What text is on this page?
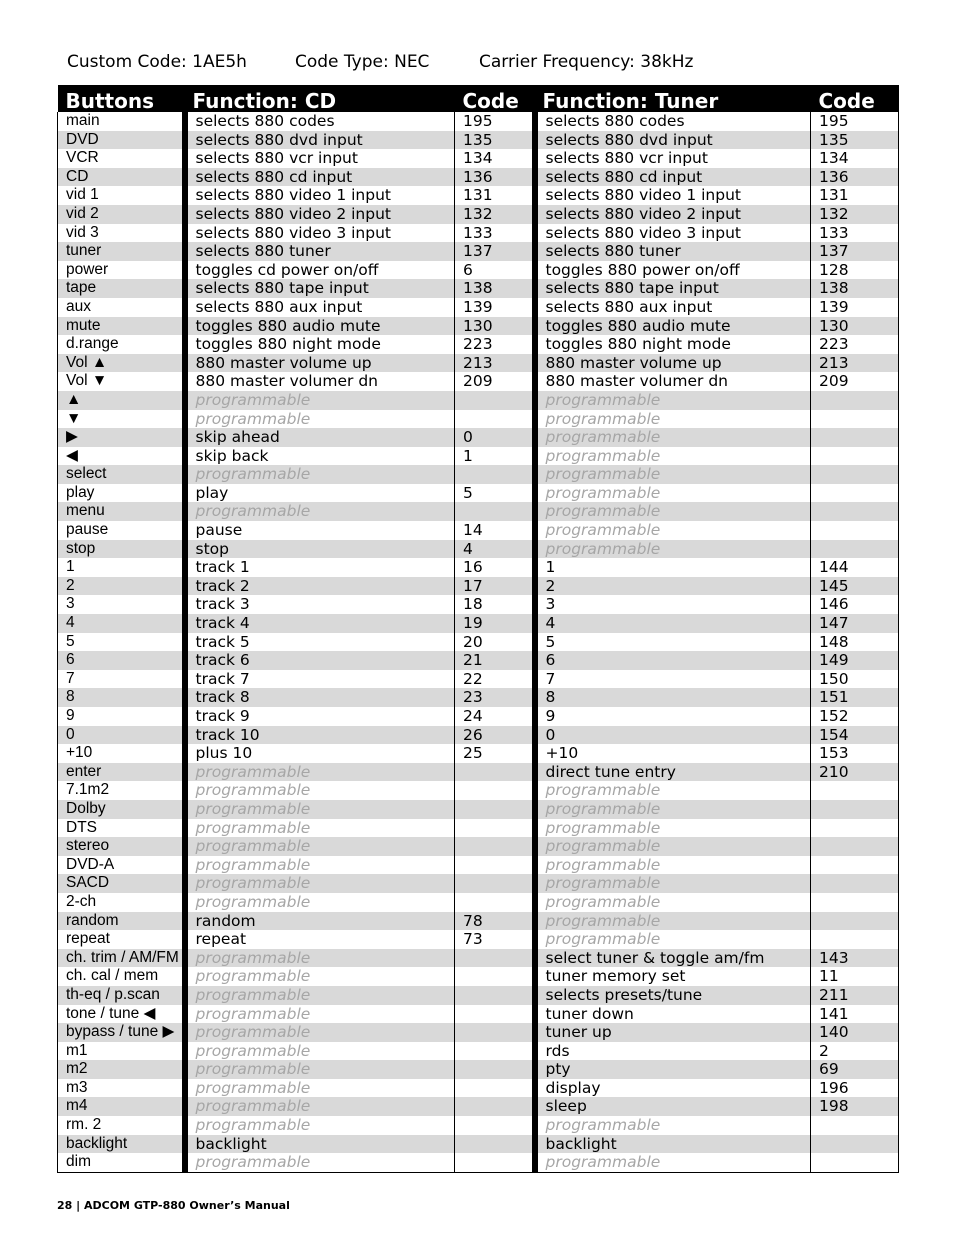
Custom Code: 1AE5h	Code Type: NEC	Carrier Frequency: 38kHz
Buttons	Function: CD	Code	Function: Tuner	Code
main	selects 880 codes	195	selects 880 codes	195
DVD	selects 880 dvd input	135	selects 880 dvd input	135
VCR	selects 880 vcr input	134	selects 880 vcr input	134
CD	selects 880 cd input	136	selects 880 cd input	136
vid 1	selects 880 video 1 input	131	selects 880 video 1 input	131
vid 2	selects 880 video 2 input	132	selects 880 video 2 input	132
vid 3	selects 880 video 3 input	133	selects 880 video 3 input	133
tuner	selects 880 tuner	137	selects 880 tuner	137
power	toggles cd power on/off	6	toggles 880 power on/off	128
tape	selects 880 tape input	138	selects 880 tape input	138
aux	selects 880 aux input	139	selects 880 aux input	139
mute	toggles 880 audio mute	130	toggles 880 audio mute	130
d.range	toggles 880 night mode	223	toggles 880 night mode	223
Vol ▲	880 master volume up	213	880 master volume up	213
Vol ▼	880 master volumer dn	209	880 master volumer dn	209
▲	programmable		programmable	
▼	programmable		programmable	
▶	skip ahead	0	programmable	
◀	skip back	1	programmable	
select	programmable		programmable	
play	play	5	programmable	
menu	programmable		programmable	
pause	pause	14	programmable	
stop	stop	4	programmable	
1	track 1	16	1	144
2	track 2	17	2	145
3	track 3	18	3	146
4	track 4	19	4	147
5	track 5	20	5	148
6	track 6	21	6	149
7	track 7	22	7	150
8	track 8	23	8	151
9	track 9	24	9	152
0	track 10	26	0	154
+10	plus 10	25	+10	153
enter	programmable		direct tune entry	210
7.1m2	programmable		programmable	
Dolby	programmable		programmable	
DTS	programmable		programmable	
stereo	programmable		programmable	
DVD-A	programmable		programmable	
SACD	programmable		programmable	
2-ch	programmable		programmable	
random	random	78	programmable	
repeat	repeat	73	programmable	
ch. trim / AM/FM	programmable		select tuner & toggle am/fm	143
ch. cal / mem	programmable		tuner memory set	11
th-eq / p.scan	programmable		selects presets/tune	211
tone / tune ◀	programmable		tuner down	141
bypass / tune ▶	programmable		tuner up	140
m1	programmable		rds	2
m2	programmable		pty	69
m3	programmable		display	196
m4	programmable		sleep	198
rm. 2	programmable		programmable	
backlight	backlight		backlight	
dim	programmable		programmable	
28 | ADCOM GTP-880 Owner’s Manual
